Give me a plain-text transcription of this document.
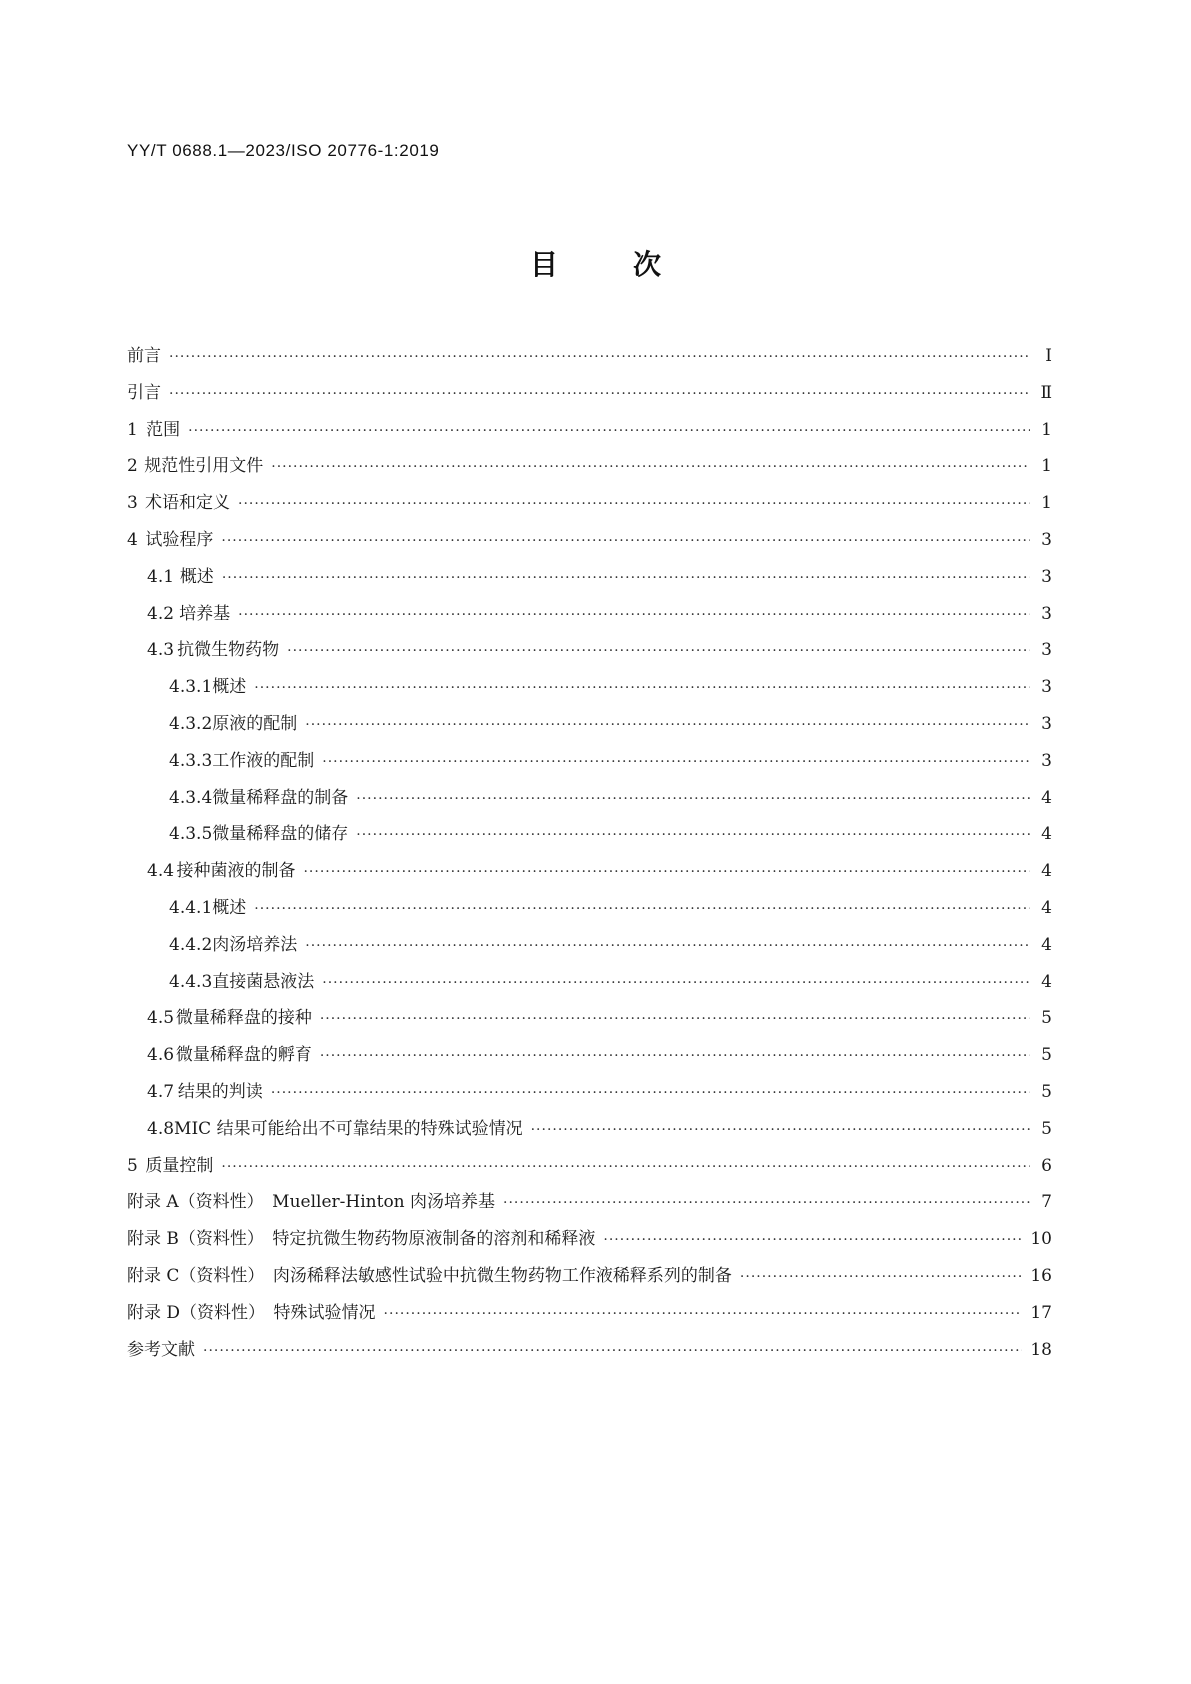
YY/T 0688.1—2023/ISO 20776-1:2019
目	次
前言 ·····	Ⅰ
引言 ·····	Ⅱ
1 范围 ·····	1
2 规范性引用文件 ·····	1
3 术语和定义 ·····	1
4 试验程序 ·····	3
4.1 概述 ·····	3
4.2 培养基 ·····	3
4.3 抗微生物药物 ·····	3
4.3.1 概述 ·····	3
4.3.2 原液的配制 ·····	3
4.3.3 工作液的配制 ·····	3
4.3.4 微量稀释盘的制备 ·····	4
4.3.5 微量稀释盘的储存 ·····	4
4.4 接种菌液的制备 ·····	4
4.4.1 概述 ·····	4
4.4.2 肉汤培养法 ·····	4
4.4.3 直接菌悬液法 ·····	4
4.5 微量稀释盘的接种 ·····	5
4.6 微量稀释盘的孵育 ·····	5
4.7 结果的判读 ·····	5
4.8 MIC 结果可能给出不可靠结果的特殊试验情况 ·····	5
5 质量控制 ·····	6
附录 A（资料性）　Mueller-Hinton 肉汤培养基 ·····	7
附录 B（资料性）　特定抗微生物药物原液制备的溶剂和稀释液 ·····	10
附录 C（资料性）　肉汤稀释法敏感性试验中抗微生物药物工作液稀释系列的制备 ·····	16
附录 D（资料性）　特殊试验情况 ·····	17
参考文献 ·····	18
